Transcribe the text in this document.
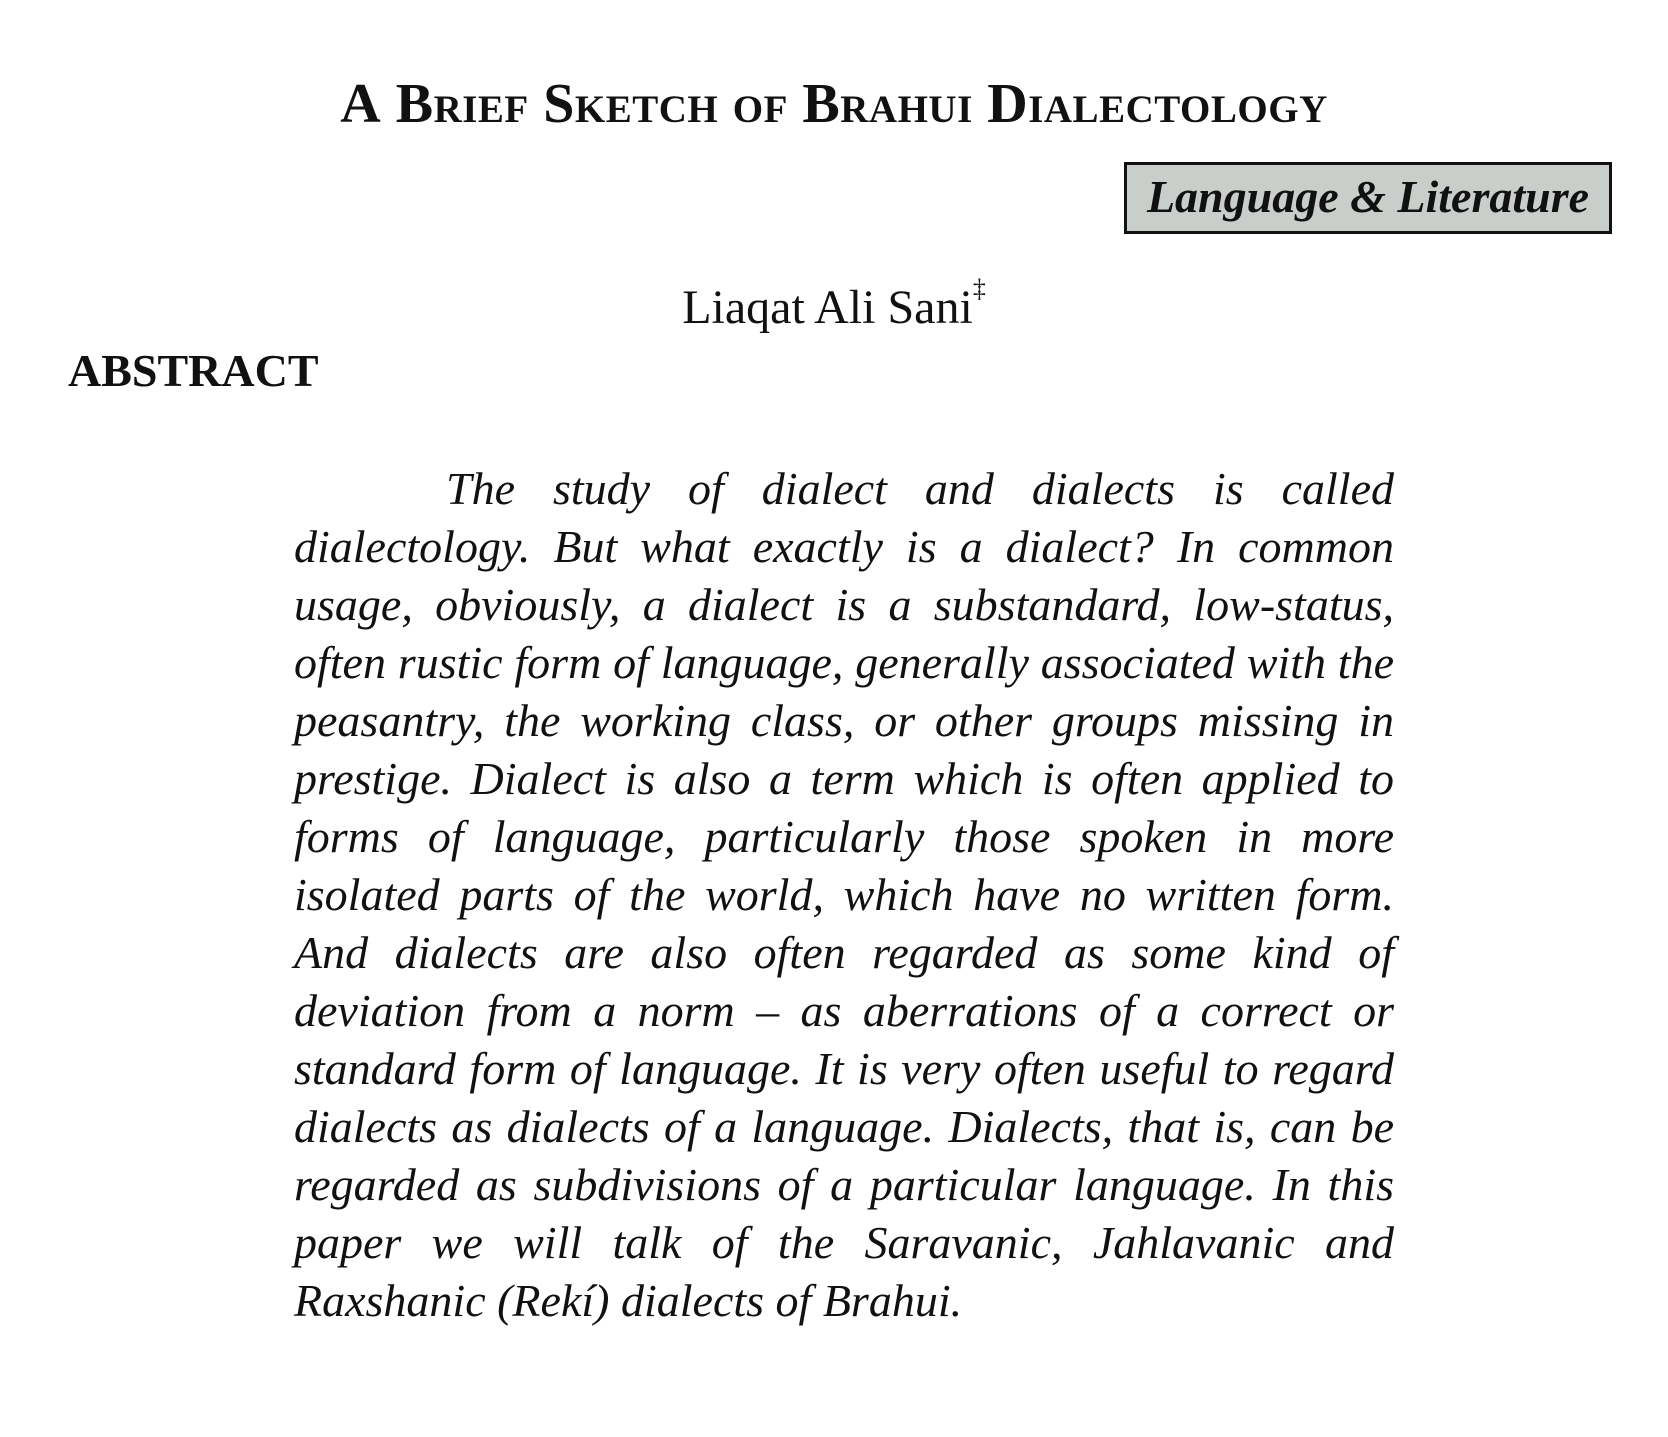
A Brief Sketch of Brahui Dialectology
Language & Literature
Liaqat Ali Sani‡
ABSTRACT

The study of dialect and dialects is called dialectology. But what exactly is a dialect? In common usage, obviously, a dialect is a substandard, low-status, often rustic form of language, generally associated with the peasantry, the working class, or other groups missing in prestige. Dialect is also a term which is often applied to forms of language, particularly those spoken in more isolated parts of the world, which have no written form. And dialects are also often regarded as some kind of deviation from a norm – as aberrations of a correct or standard form of language. It is very often useful to regard dialects as dialects of a language. Dialects, that is, can be regarded as subdivisions of a particular language. In this paper we will talk of the Saravanic, Jahlavanic and Raxshanic (Rekí) dialects of Brahui.
